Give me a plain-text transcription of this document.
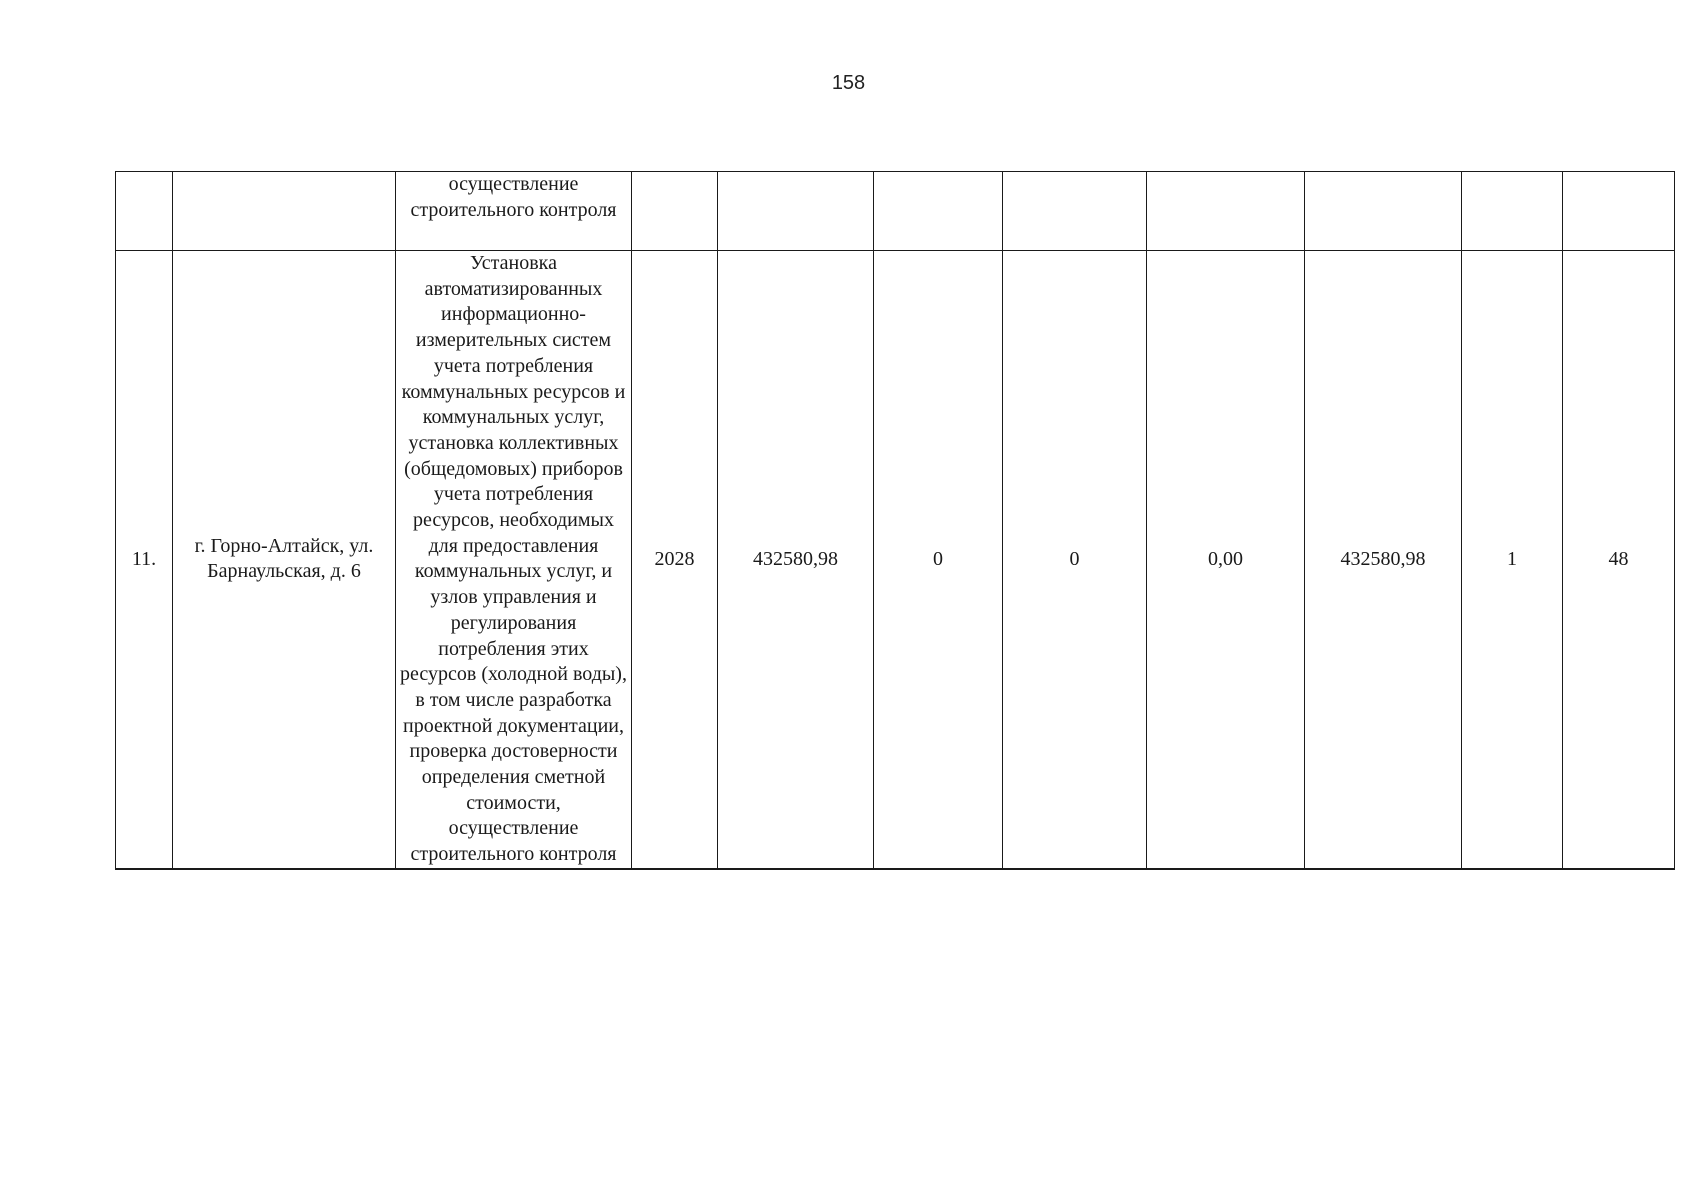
158
		осуществление строительного контроля								
11.	г. Горно-Алтайск, ул. Барнаульская, д. 6	Установка автоматизированных информационно-измерительных систем учета потребления коммунальных ресурсов и коммунальных услуг, установка коллективных (общедомовых) приборов учета потребления ресурсов, необходимых для предоставления коммунальных услуг, и узлов управления и регулирования потребления этих ресурсов (холодной воды), в том числе разработка проектной документации, проверка достоверности определения сметной стоимости, осуществление строительного контроля	2028	432580,98	0	0	0,00	432580,98	1	48
